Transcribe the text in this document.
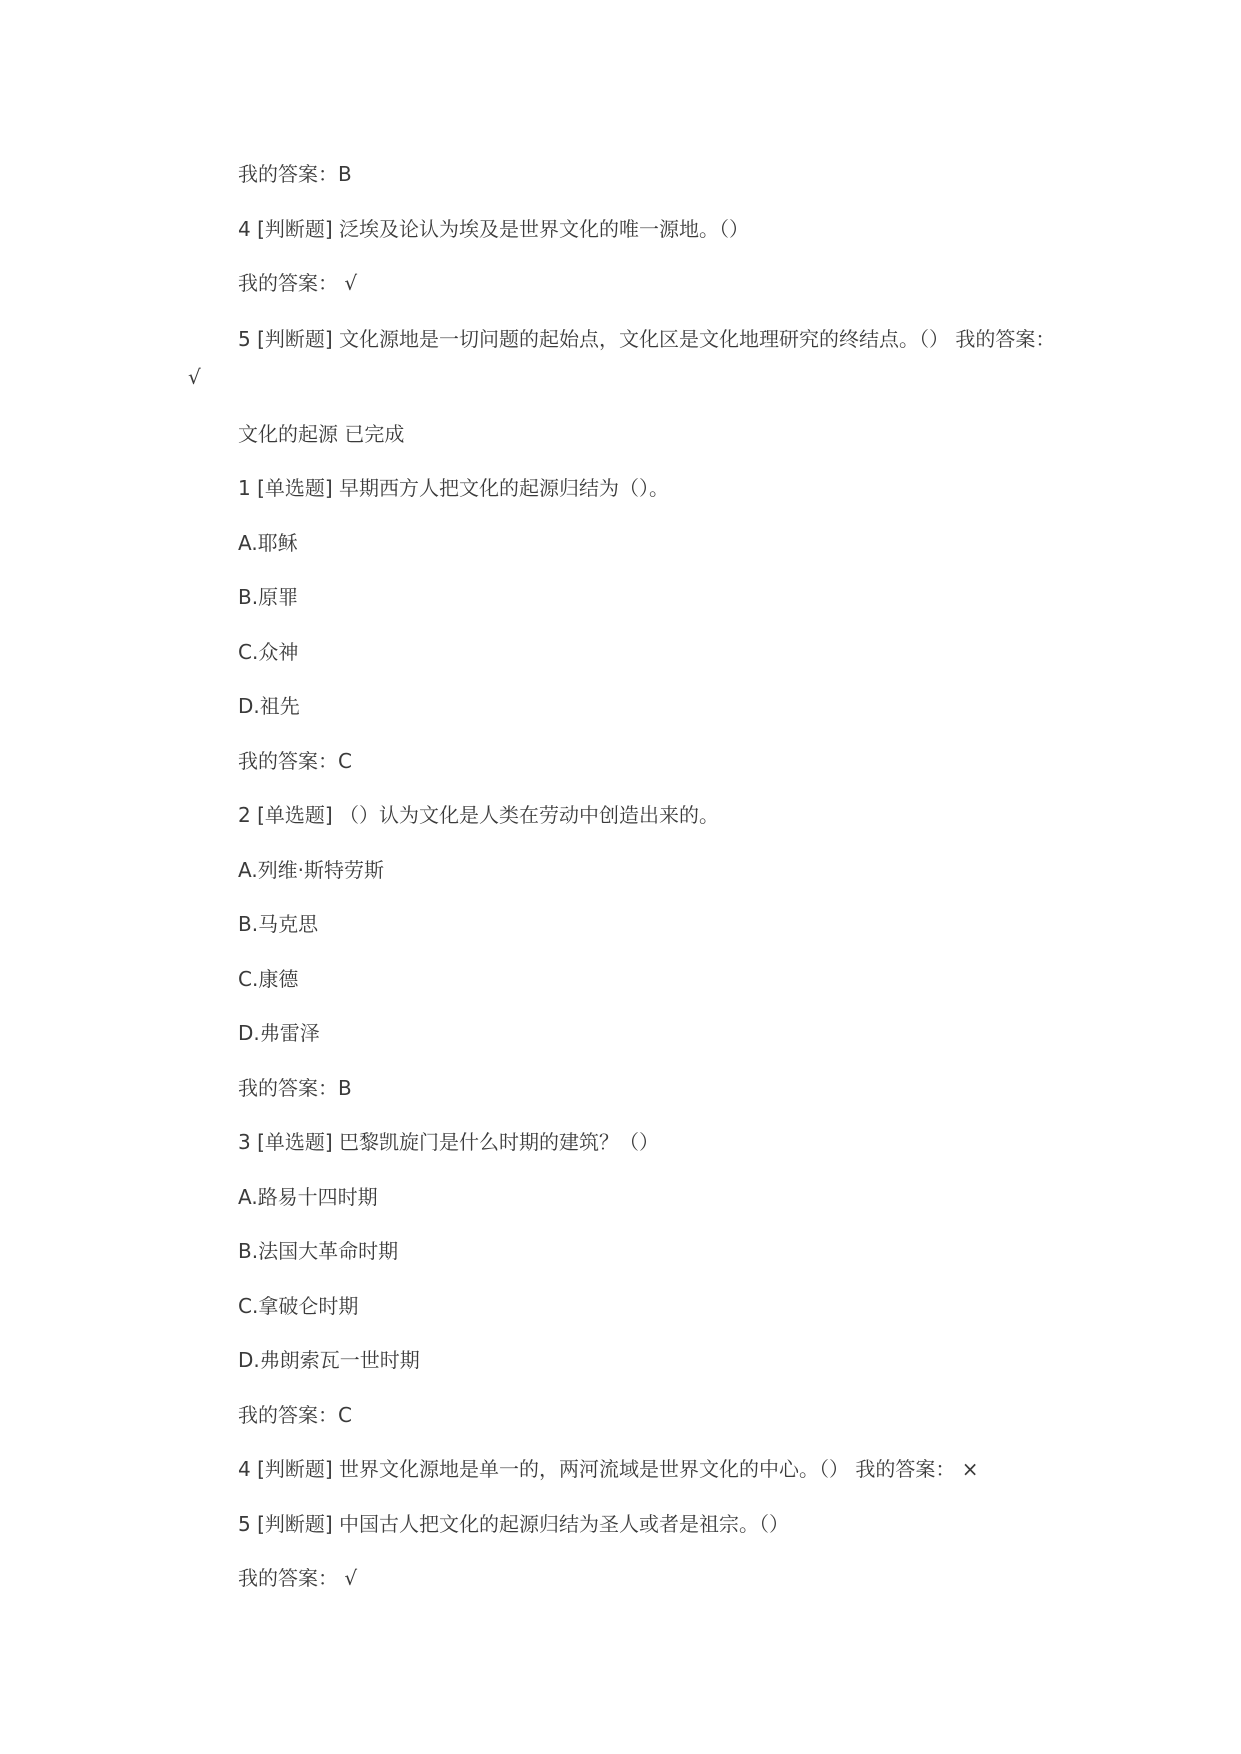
我的答案：B
4 [判断题] 泛埃及论认为埃及是世界文化的唯一源地。（）
我的答案： √
5 [判断题] 文化源地是一切问题的起始点，文化区是文化地理研究的终结点。（） 我的答案： √
文化的起源 已完成
1 [单选题] 早期西方人把文化的起源归结为（）。
A.耶稣
B.原罪
C.众神
D.祖先
我的答案：C
2 [单选题] （）认为文化是人类在劳动中创造出来的。
A.列维·斯特劳斯
B.马克思
C.康德
D.弗雷泽
我的答案：B
3 [单选题] 巴黎凯旋门是什么时期的建筑？（）
A.路易十四时期
B.法国大革命时期
C.拿破仑时期
D.弗朗索瓦一世时期
我的答案：C
4 [判断题] 世界文化源地是单一的，两河流域是世界文化的中心。（） 我的答案： ×
5 [判断题] 中国古人把文化的起源归结为圣人或者是祖宗。（）
我的答案： √
